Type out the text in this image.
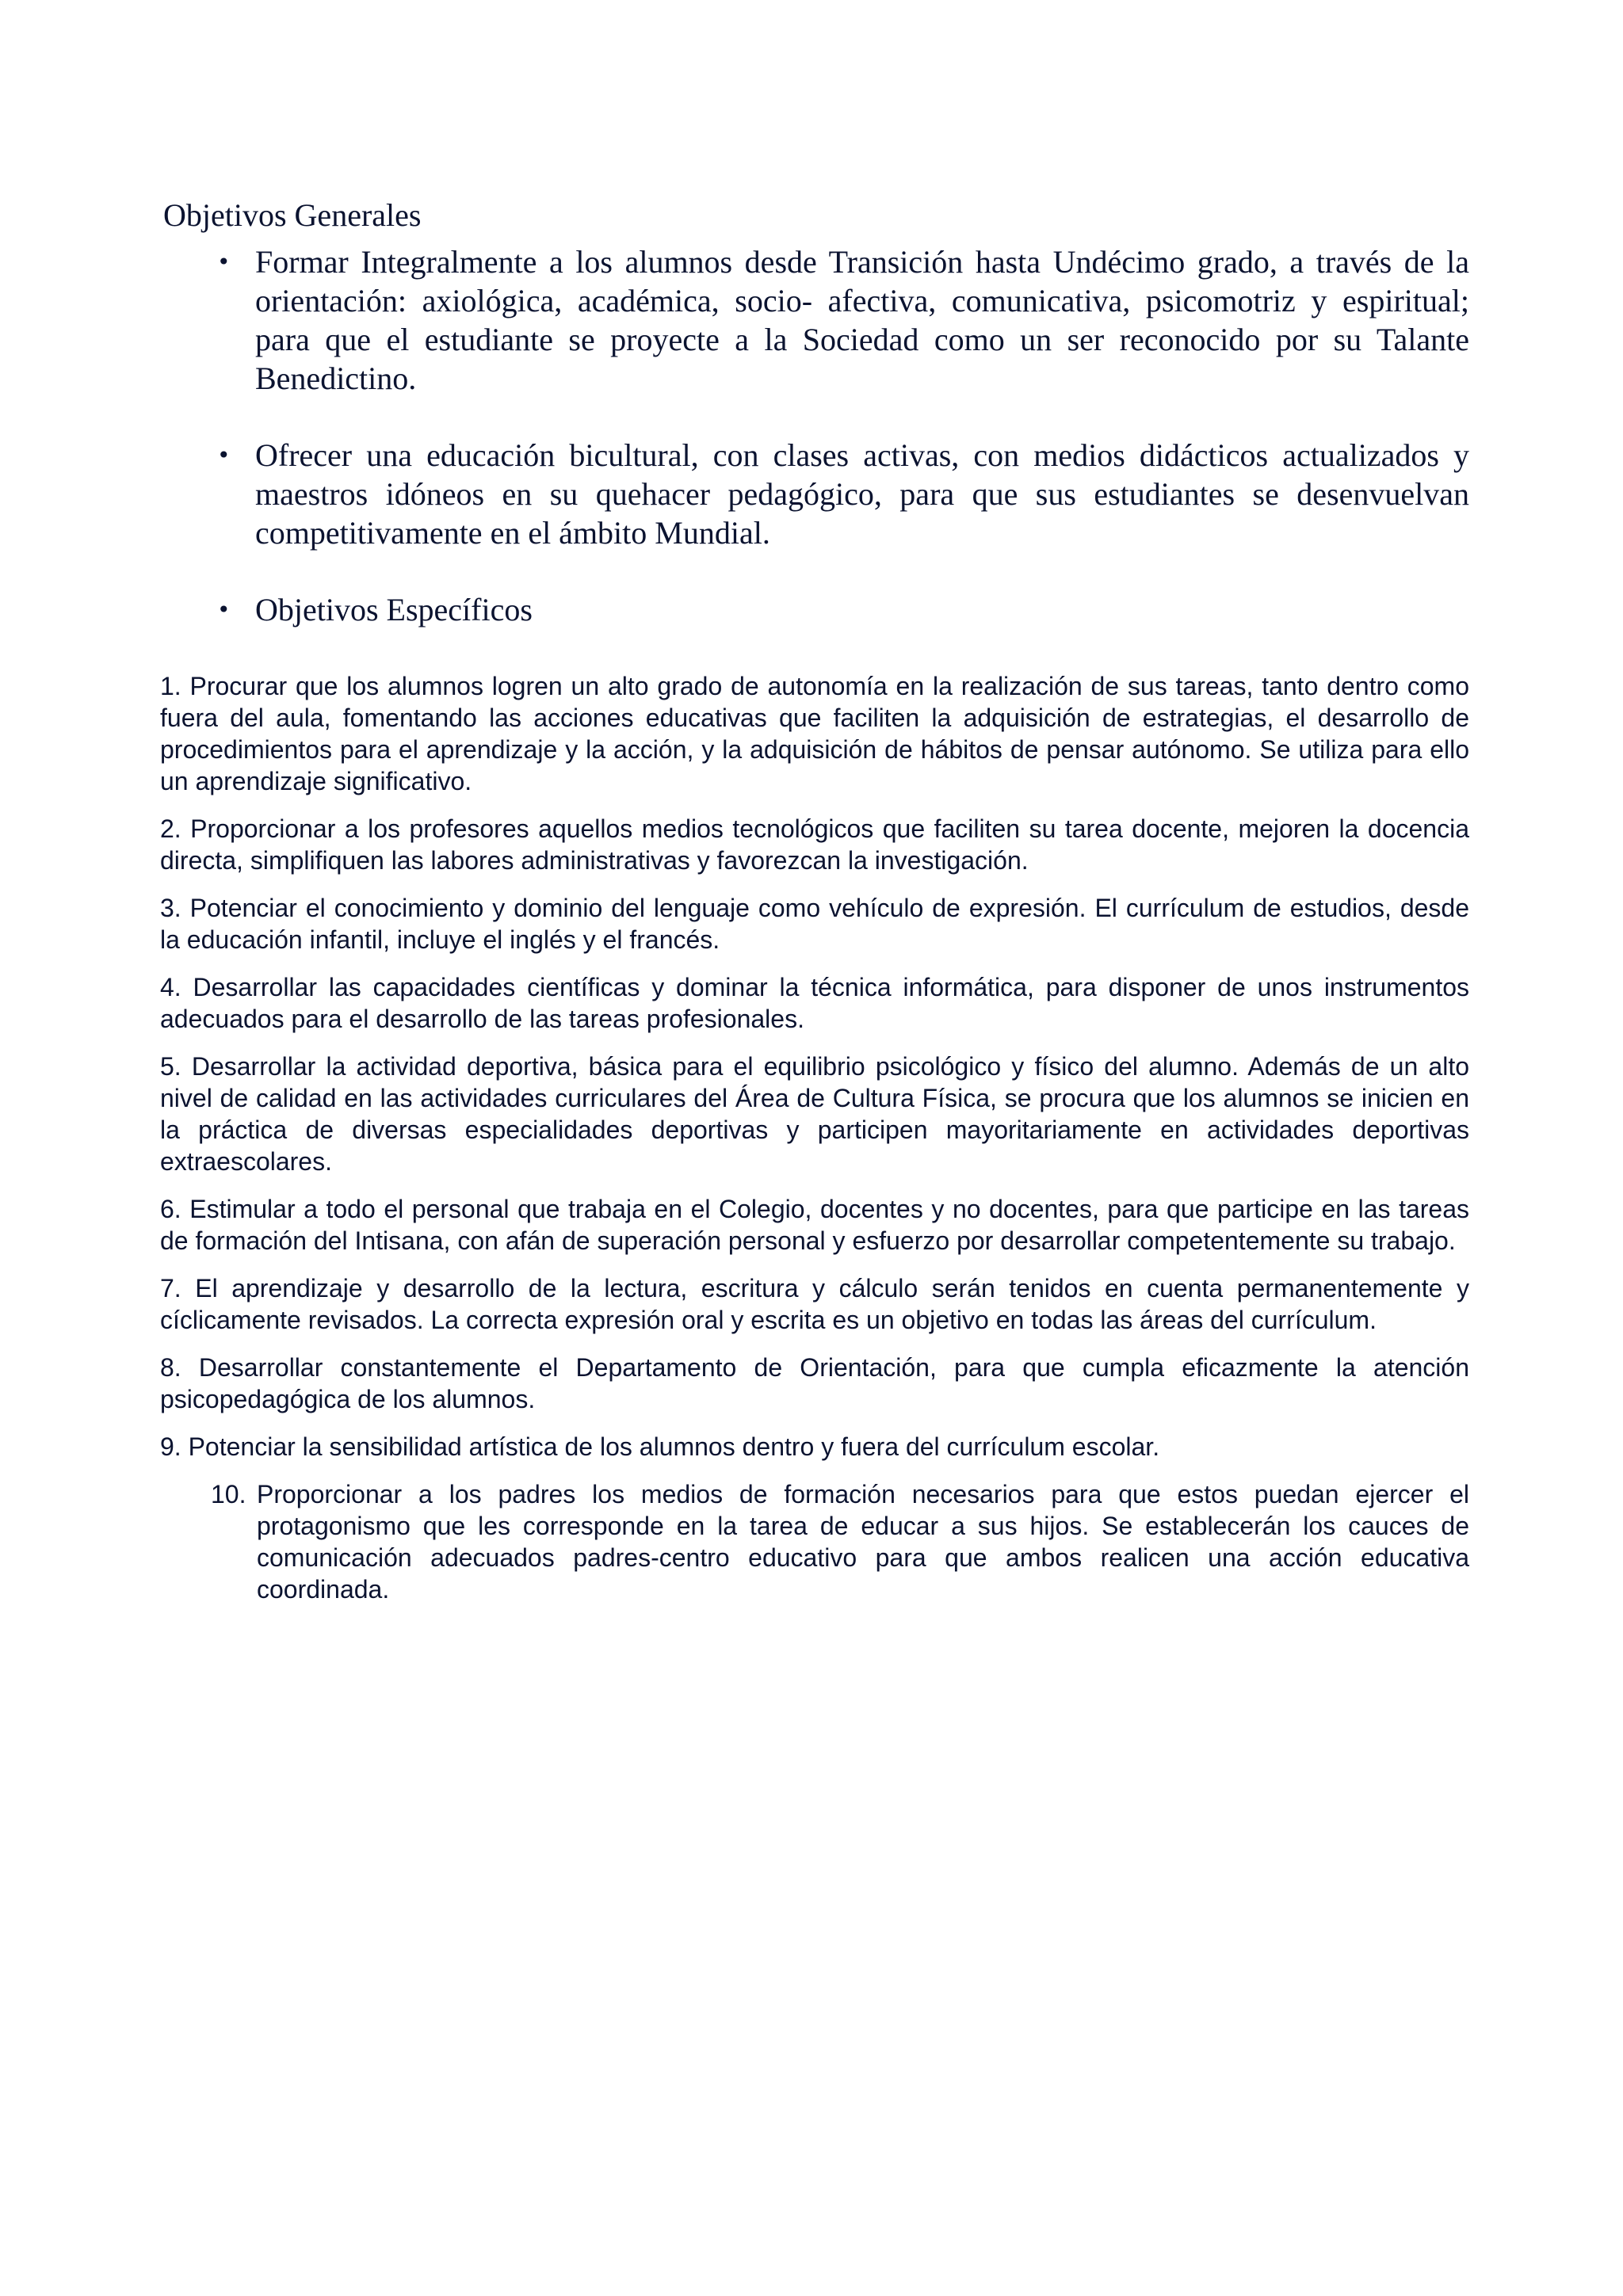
Objetivos Generales
• Formar Integralmente a los alumnos desde Transición hasta Undécimo grado, a través de la orientación: axiológica, académica, socio- afectiva, comunicativa, psicomotriz y espiritual; para que el estudiante se proyecte a la Sociedad como un ser reconocido por su Talante Benedictino.
• Ofrecer una educación bicultural, con clases activas, con medios didácticos actualizados y maestros idóneos en su quehacer pedagógico, para que sus estudiantes se desenvuelvan competitivamente en el ámbito Mundial.
• Objetivos Específicos

1. Procurar que los alumnos logren un alto grado de autonomía en la realización de sus tareas, tanto dentro como fuera del aula, fomentando las acciones educativas que faciliten la adquisición de estrategias, el desarrollo de procedimientos para el aprendizaje y la acción, y la adquisición de hábitos de pensar autónomo. Se utiliza para ello un aprendizaje significativo.

2. Proporcionar a los profesores aquellos medios tecnológicos que faciliten su tarea docente, mejoren la docencia directa, simplifiquen las labores administrativas y favorezcan la investigación.

3. Potenciar el conocimiento y dominio del lenguaje como vehículo de expresión. El currículum de estudios, desde la educación infantil, incluye el inglés y el francés.

4. Desarrollar las capacidades científicas y dominar la técnica informática, para disponer de unos instrumentos adecuados para el desarrollo de las tareas profesionales.

5. Desarrollar la actividad deportiva, básica para el equilibrio psicológico y físico del alumno. Además de un alto nivel de calidad en las actividades curriculares del Área de Cultura Física, se procura que los alumnos se inicien en la práctica de diversas especialidades deportivas y participen mayoritariamente en actividades deportivas extraescolares.

6. Estimular a todo el personal que trabaja en el Colegio, docentes y no docentes, para que participe en las tareas de formación del Intisana, con afán de superación personal y esfuerzo por desarrollar competentemente su trabajo.

7. El aprendizaje y desarrollo de la lectura, escritura y cálculo serán tenidos en cuenta permanentemente y cíclicamente revisados. La correcta expresión oral y escrita es un objetivo en todas las áreas del currículum.

8. Desarrollar constantemente el Departamento de Orientación, para que cumpla eficazmente la atención psicopedagógica de los alumnos.

9. Potenciar la sensibilidad artística de los alumnos dentro y fuera del currículum escolar.

10. Proporcionar a los padres los medios de formación necesarios para que estos puedan ejercer el protagonismo que les corresponde en la tarea de educar a sus hijos. Se establecerán los cauces de comunicación adecuados padres-centro educativo para que ambos realicen una acción educativa coordinada.
